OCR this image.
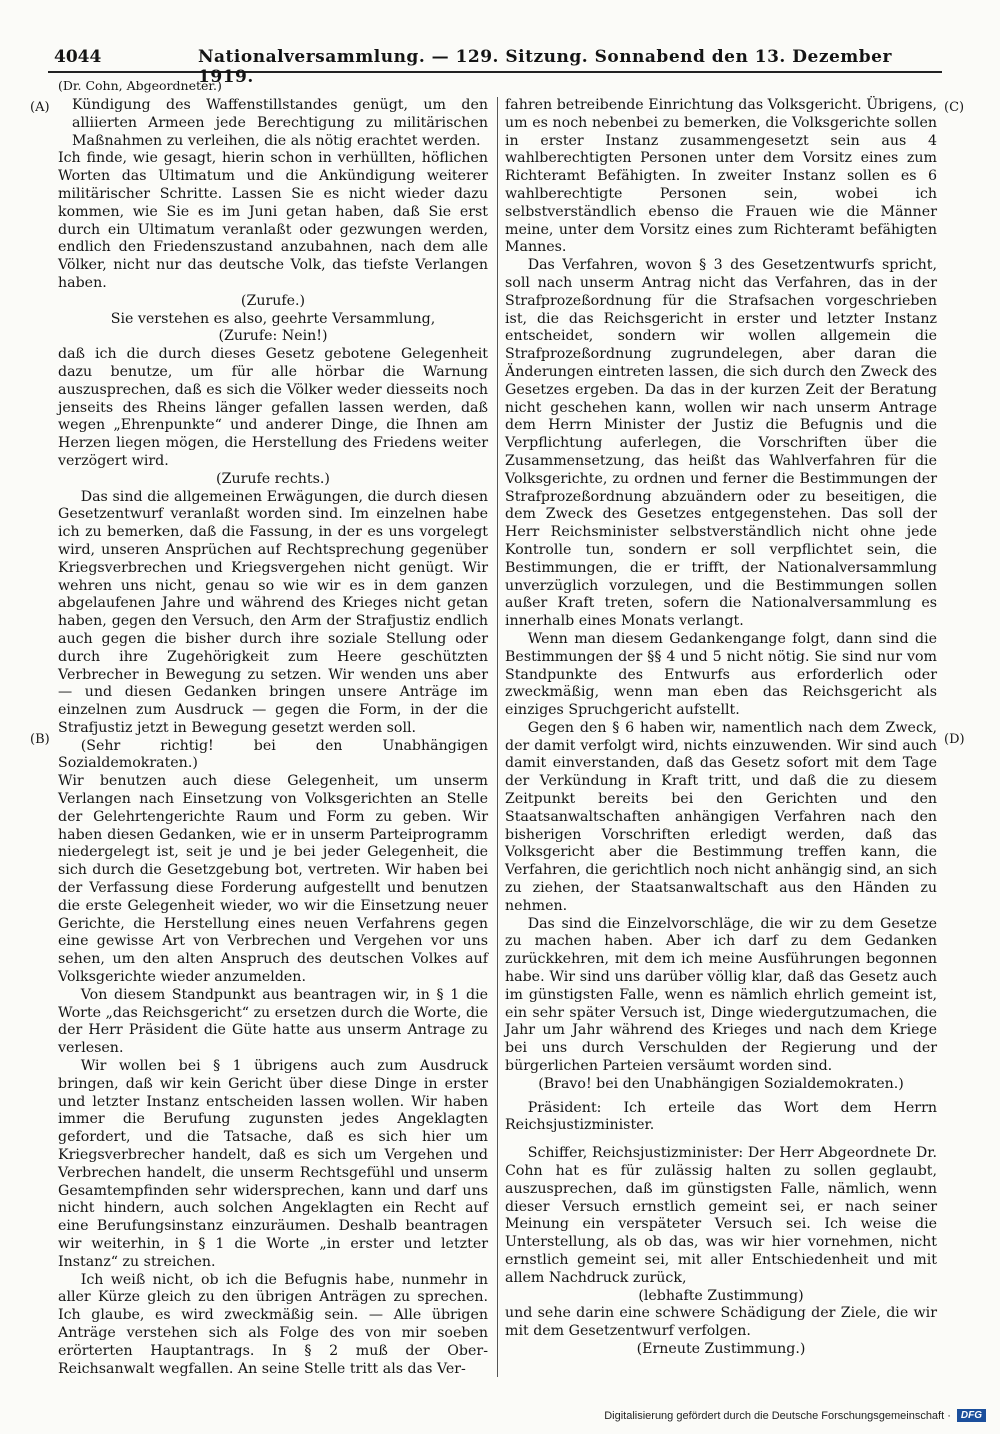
4044	Nationalversammlung. — 129. Sitzung. Sonnabend den 13. Dezember 1919.
(Dr. Cohn, Abgeordneter.)
(A)
(B)
(C)
(D)

Kündigung des Waffenstillstandes genügt, um den alliierten Armeen jede Berechtigung zu militärischen Maßnahmen zu verleihen, die als nötig erachtet werden.

Ich finde, wie gesagt, hierin schon in verhüllten, höflichen Worten das Ultimatum und die Ankündigung weiterer militärischer Schritte. Lassen Sie es nicht wieder dazu kommen, wie Sie es im Juni getan haben, daß Sie erst durch ein Ultimatum veranlaßt oder gezwungen werden, endlich den Friedenszustand anzubahnen, nach dem alle Völker, nicht nur das deutsche Volk, das tiefste Verlangen haben.

(Zurufe.)

Sie verstehen es also, geehrte Versammlung,

(Zurufe: Nein!)

daß ich die durch dieses Gesetz gebotene Gelegenheit dazu benutze, um für alle hörbar die Warnung auszusprechen, daß es sich die Völker weder diesseits noch jenseits des Rheins länger gefallen lassen werden, daß wegen „Ehrenpunkte“ und anderer Dinge, die Ihnen am Herzen liegen mögen, die Herstellung des Friedens weiter verzögert wird.

(Zurufe rechts.)

Das sind die allgemeinen Erwägungen, die durch diesen Gesetzentwurf veranlaßt worden sind. Im einzelnen habe ich zu bemerken, daß die Fassung, in der es uns vorgelegt wird, unseren Ansprüchen auf Rechtsprechung gegenüber Kriegsverbrechen und Kriegsvergehen nicht genügt. Wir wehren uns nicht, genau so wie wir es in dem ganzen abgelaufenen Jahre und während des Krieges nicht getan haben, gegen den Versuch, den Arm der Strafjustiz endlich auch gegen die bisher durch ihre soziale Stellung oder durch ihre Zugehörigkeit zum Heere geschützten Verbrecher in Bewegung zu setzen. Wir wenden uns aber — und diesen Gedanken bringen unsere Anträge im einzelnen zum Ausdruck — gegen die Form, in der die Strafjustiz jetzt in Bewegung gesetzt werden soll.

(Sehr richtig! bei den Unabhängigen Sozialdemokraten.)

Wir benutzen auch diese Gelegenheit, um unserm Verlangen nach Einsetzung von Volksgerichten an Stelle der Gelehrtengerichte Raum und Form zu geben. Wir haben diesen Gedanken, wie er in unserm Parteiprogramm niedergelegt ist, seit je und je bei jeder Gelegenheit, die sich durch die Gesetzgebung bot, vertreten. Wir haben bei der Verfassung diese Forderung aufgestellt und benutzen die erste Gelegenheit wieder, wo wir die Einsetzung neuer Gerichte, die Herstellung eines neuen Verfahrens gegen eine gewisse Art von Verbrechen und Vergehen vor uns sehen, um den alten Anspruch des deutschen Volkes auf Volksgerichte wieder anzumelden.

Von diesem Standpunkt aus beantragen wir, in § 1 die Worte „das Reichsgericht“ zu ersetzen durch die Worte, die der Herr Präsident die Güte hatte aus unserm Antrage zu verlesen.

Wir wollen bei § 1 übrigens auch zum Ausdruck bringen, daß wir kein Gericht über diese Dinge in erster und letzter Instanz entscheiden lassen wollen. Wir haben immer die Berufung zugunsten jedes Angeklagten gefordert, und die Tatsache, daß es sich hier um Kriegsverbrecher handelt, daß es sich um Vergehen und Verbrechen handelt, die unserm Rechtsgefühl und unserm Gesamtempfinden sehr widersprechen, kann und darf uns nicht hindern, auch solchen Angeklagten ein Recht auf eine Berufungsinstanz einzuräumen. Deshalb beantragen wir weiterhin, in § 1 die Worte „in erster und letzter Instanz“ zu streichen.

Ich weiß nicht, ob ich die Befugnis habe, nunmehr in aller Kürze gleich zu den übrigen Anträgen zu sprechen. Ich glaube, es wird zweckmäßig sein. — Alle übrigen Anträge verstehen sich als Folge des von mir soeben erörterten Hauptantrags. In § 2 muß der Ober-Reichsanwalt wegfallen. An seine Stelle tritt als das Ver-

fahren betreibende Einrichtung das Volksgericht. Übrigens, um es noch nebenbei zu bemerken, die Volksgerichte sollen in erster Instanz zusammengesetzt sein aus 4 wahlberechtigten Personen unter dem Vorsitz eines zum Richteramt Befähigten. In zweiter Instanz sollen es 6 wahlberechtigte Personen sein, wobei ich selbstverständlich ebenso die Frauen wie die Männer meine, unter dem Vorsitz eines zum Richteramt befähigten Mannes.

Das Verfahren, wovon § 3 des Gesetzentwurfs spricht, soll nach unserm Antrag nicht das Verfahren, das in der Strafprozeßordnung für die Strafsachen vorgeschrieben ist, die das Reichsgericht in erster und letzter Instanz entscheidet, sondern wir wollen allgemein die Strafprozeßordnung zugrundelegen, aber daran die Änderungen eintreten lassen, die sich durch den Zweck des Gesetzes ergeben. Da das in der kurzen Zeit der Beratung nicht geschehen kann, wollen wir nach unserm Antrage dem Herrn Minister der Justiz die Befugnis und die Verpflichtung auferlegen, die Vorschriften über die Zusammensetzung, das heißt das Wahlverfahren für die Volksgerichte, zu ordnen und ferner die Bestimmungen der Strafprozeßordnung abzuändern oder zu beseitigen, die dem Zweck des Gesetzes entgegenstehen. Das soll der Herr Reichsminister selbstverständlich nicht ohne jede Kontrolle tun, sondern er soll verpflichtet sein, die Bestimmungen, die er trifft, der Nationalversammlung unverzüglich vorzulegen, und die Bestimmungen sollen außer Kraft treten, sofern die Nationalversammlung es innerhalb eines Monats verlangt.

Wenn man diesem Gedankengange folgt, dann sind die Bestimmungen der §§ 4 und 5 nicht nötig. Sie sind nur vom Standpunkte des Entwurfs aus erforderlich oder zweckmäßig, wenn man eben das Reichsgericht als einziges Spruchgericht aufstellt.

Gegen den § 6 haben wir, namentlich nach dem Zweck, der damit verfolgt wird, nichts einzuwenden. Wir sind auch damit einverstanden, daß das Gesetz sofort mit dem Tage der Verkündung in Kraft tritt, und daß die zu diesem Zeitpunkt bereits bei den Gerichten und den Staatsanwaltschaften anhängigen Verfahren nach den bisherigen Vorschriften erledigt werden, daß das Volksgericht aber die Bestimmung treffen kann, die Verfahren, die gerichtlich noch nicht anhängig sind, an sich zu ziehen, der Staatsanwaltschaft aus den Händen zu nehmen.

Das sind die Einzelvorschläge, die wir zu dem Gesetze zu machen haben. Aber ich darf zu dem Gedanken zurückkehren, mit dem ich meine Ausführungen begonnen habe. Wir sind uns darüber völlig klar, daß das Gesetz auch im günstigsten Falle, wenn es nämlich ehrlich gemeint ist, ein sehr später Versuch ist, Dinge wiedergutzumachen, die Jahr um Jahr während des Krieges und nach dem Kriege bei uns durch Verschulden der Regierung und der bürgerlichen Parteien versäumt worden sind.

(Bravo! bei den Unabhängigen Sozialdemokraten.)

Präsident: Ich erteile das Wort dem Herrn Reichsjustizminister.

Schiffer, Reichsjustizminister: Der Herr Abgeordnete Dr. Cohn hat es für zulässig halten zu sollen geglaubt, auszusprechen, daß im günstigsten Falle, nämlich, wenn dieser Versuch ernstlich gemeint sei, er nach seiner Meinung ein verspäteter Versuch sei. Ich weise die Unterstellung, als ob das, was wir hier vornehmen, nicht ernstlich gemeint sei, mit aller Entschiedenheit und mit allem Nachdruck zurück,

(lebhafte Zustimmung)

und sehe darin eine schwere Schädigung der Ziele, die wir mit dem Gesetzentwurf verfolgen.

(Erneute Zustimmung.)

Digitalisierung gefördert durch die Deutsche Forschungsgemeinschaft ·	DFG
